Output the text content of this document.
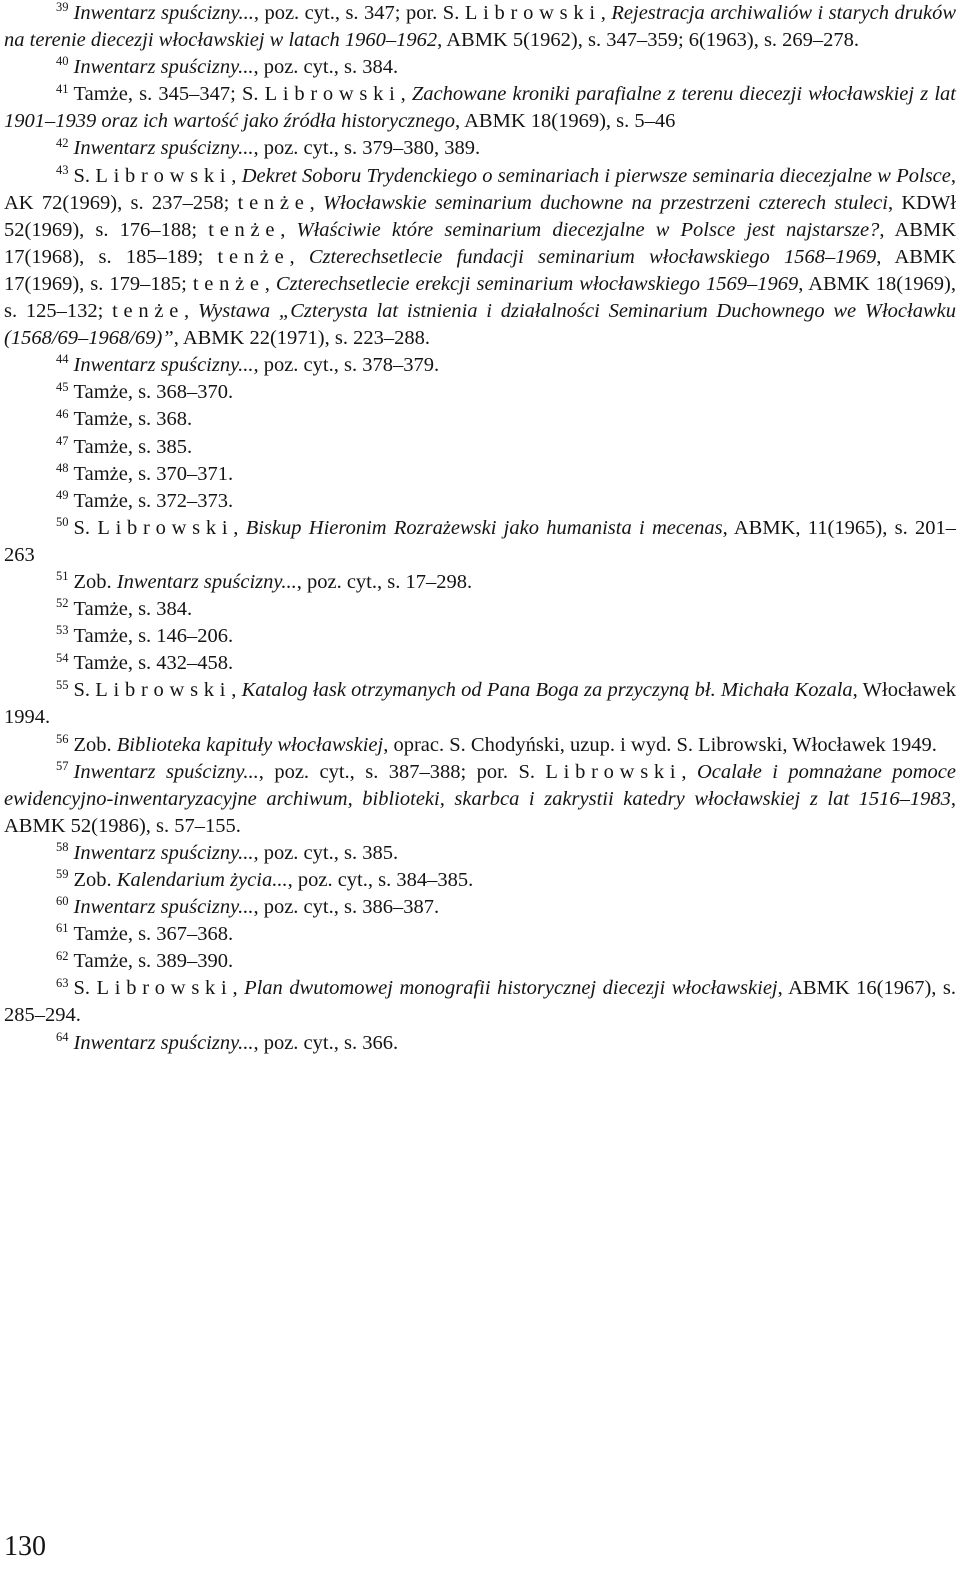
$^{39}$ Inwentarz spuścizny..., poz. cyt., s. 347; por. S. Librowski, Rejestracja archiwaliów i starych druków na terenie diecezji włocławskiej w latach 1960–1962, ABMK 5(1962), s. 347–359; 6(1963), s. 269–278.

$^{40}$ Inwentarz spuścizny..., poz. cyt., s. 384.

$^{41}$ Tamże, s. 345–347; S. Librowski, Zachowane kroniki parafialne z terenu diecezji włocławskiej z lat 1901–1939 oraz ich wartość jako źródła historycznego, ABMK 18(1969), s. 5–46

$^{42}$ Inwentarz spuścizny..., poz. cyt., s. 379–380, 389.

$^{43}$ S. Librowski, Dekret Soboru Trydenckiego o seminariach i pierwsze seminaria diecezjalne w Polsce, AK 72(1969), s. 237–258; tenże, Włocławskie seminarium duchowne na przestrzeni czterech stuleci, KDWł 52(1969), s. 176–188; tenże, Właściwie które seminarium diecezjalne w Polsce jest najstarsze?, ABMK 17(1968), s. 185–189; tenże, Czterechsetlecie fundacji seminarium włocławskiego 1568–1969, ABMK 17(1969), s. 179–185; tenże, Czterechsetlecie erekcji seminarium włocławskiego 1569–1969, ABMK 18(1969), s. 125–132; tenże, Wystawa „Czterysta lat istnienia i działalności Seminarium Duchownego we Włocławku (1568/69–1968/69)”, ABMK 22(1971), s. 223–288.

$^{44}$ Inwentarz spuścizny..., poz. cyt., s. 378–379.

$^{45}$ Tamże, s. 368–370.

$^{46}$ Tamże, s. 368.

$^{47}$ Tamże, s. 385.

$^{48}$ Tamże, s. 370–371.

$^{49}$ Tamże, s. 372–373.

$^{50}$ S. Librowski, Biskup Hieronim Rozrażewski jako humanista i mecenas, ABMK, 11(1965), s. 201–263

$^{51}$ Zob. Inwentarz spuścizny..., poz. cyt., s. 17–298.

$^{52}$ Tamże, s. 384.

$^{53}$ Tamże, s. 146–206.

$^{54}$ Tamże, s. 432–458.

$^{55}$ S. Librowski, Katalog łask otrzymanych od Pana Boga za przyczyną bł. Michała Kozala, Włocławek 1994.

$^{56}$ Zob. Biblioteka kapituły włocławskiej, oprac. S. Chodyński, uzup. i wyd. S. Librowski, Włocławek 1949.

$^{57}$ Inwentarz spuścizny..., poz. cyt., s. 387–388; por. S. Librowski, Ocalałe i pomnażane pomoce ewidencyjno-inwentaryzacyjne archiwum, biblioteki, skarbca i zakrystii katedry włocławskiej z lat 1516–1983, ABMK 52(1986), s. 57–155.

$^{58}$ Inwentarz spuścizny..., poz. cyt., s. 385.

$^{59}$ Zob. Kalendarium życia..., poz. cyt., s. 384–385.

$^{60}$ Inwentarz spuścizny..., poz. cyt., s. 386–387.

$^{61}$ Tamże, s. 367–368.

$^{62}$ Tamże, s. 389–390.

$^{63}$ S. Librowski, Plan dwutomowej monografii historycznej diecezji włocławskiej, ABMK 16(1967), s. 285–294.

$^{64}$ Inwentarz spuścizny..., poz. cyt., s. 366.

130
